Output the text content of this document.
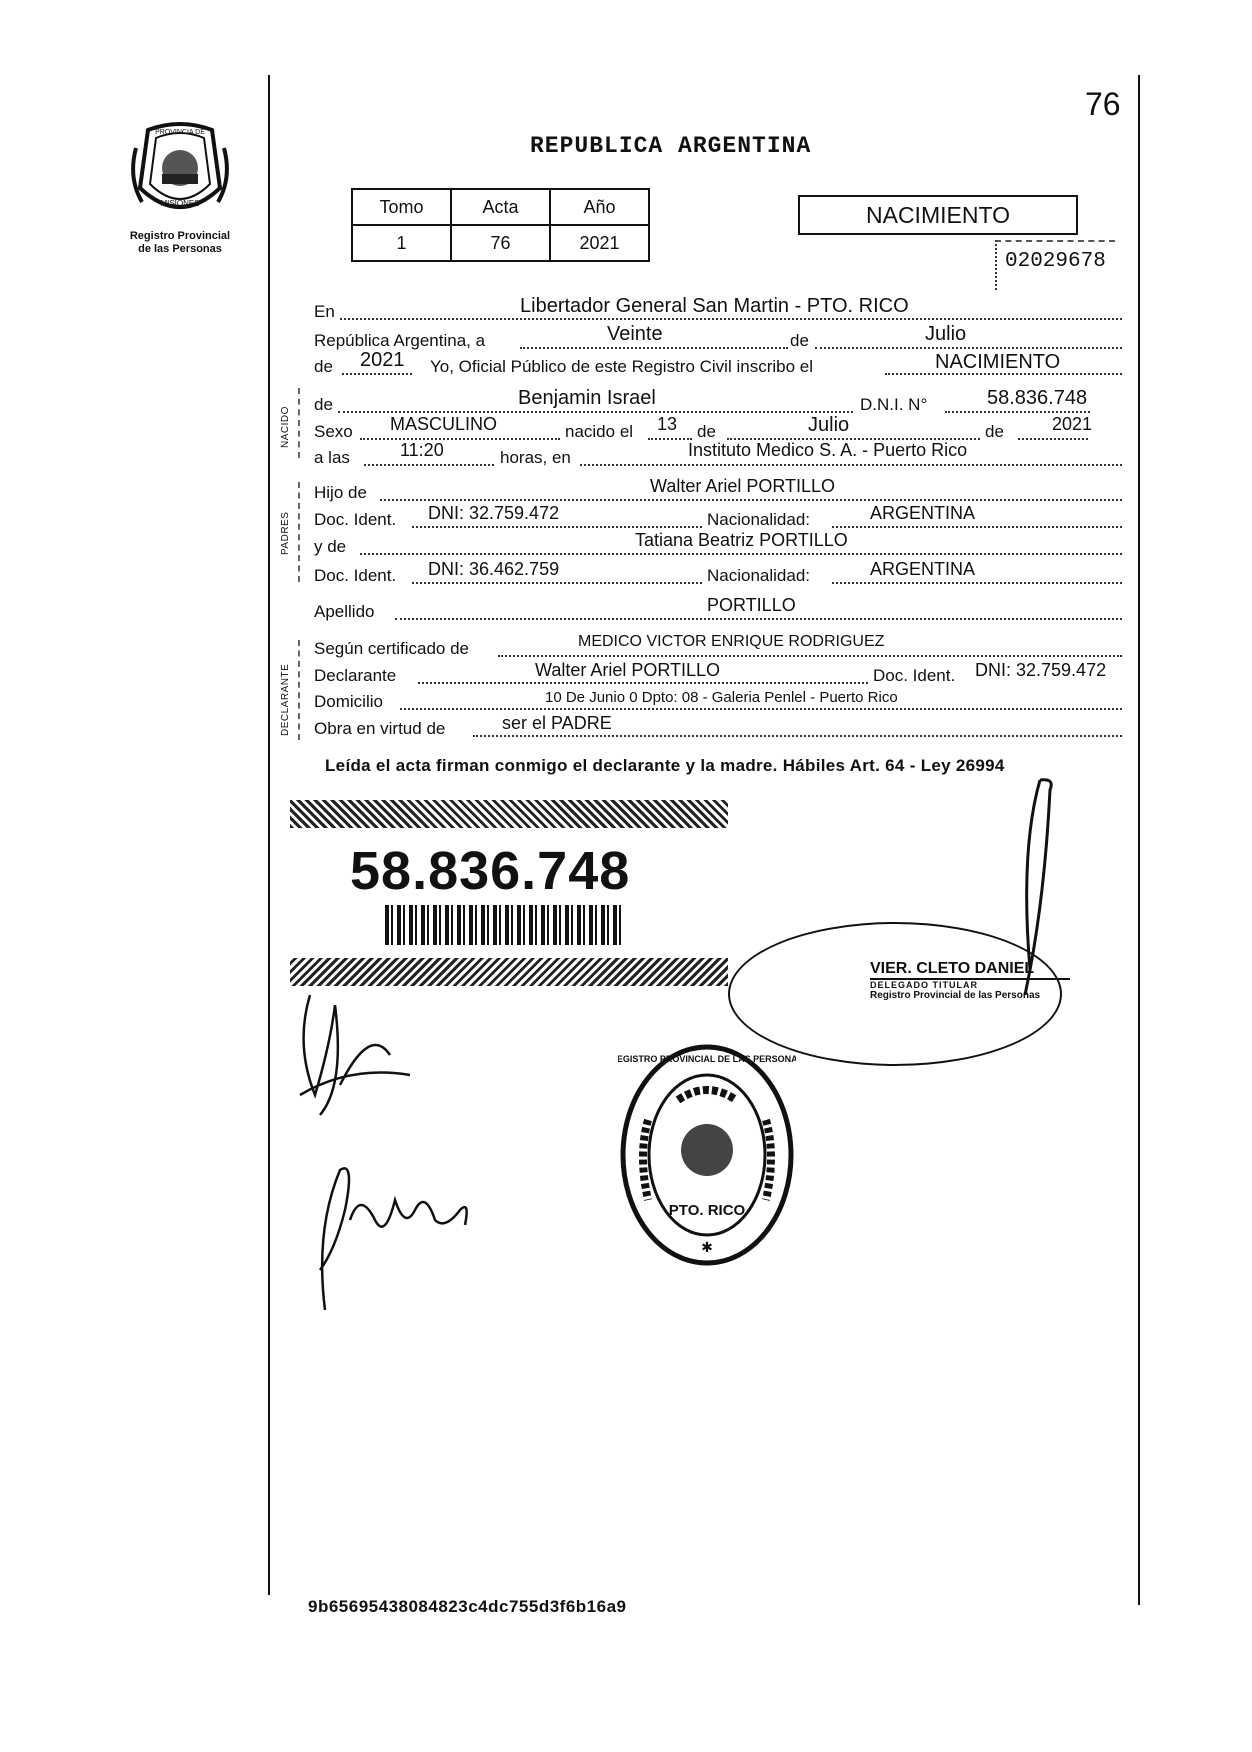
76
PROVINCIA DE
MISIONES
Registro Provincial
de las Personas
REPUBLICA ARGENTINA
Tomo	Acta	Año
1	76	2021
NACIMIENTO
02029678
En	Libertador General San Martin - PTO. RICO
República Argentina, a	Veinte	de	Julio
de 2021 Yo, Oficial Público de este Registro Civil inscribo el	NACIMIENTO
NACIDO
de	Benjamin Israel	D.N.I. N°	58.836.748
Sexo MASCULINO	nacido el 13 de	Julio	de	2021
a las	11:20	horas, en	Instituto Medico S. A. - Puerto Rico
PADRES
Hijo de	Walter Ariel PORTILLO
Doc. Ident. DNI: 32.759.472	Nacionalidad:	ARGENTINA
y de	Tatiana Beatriz PORTILLO
Doc. Ident. DNI: 36.462.759	Nacionalidad:	ARGENTINA
Apellido	PORTILLO
DECLARANTE
Según certificado de	MEDICO VICTOR ENRIQUE RODRIGUEZ
Declarante	Walter Ariel PORTILLO	Doc. Ident. DNI: 32.759.472
Domicilio	10 De Junio 0 Dpto: 08 - Galeria Penlel - Puerto Rico
Obra en virtud de	ser el PADRE
Leída el acta firman conmigo el declarante y la madre. Hábiles Art. 64 - Ley 26994
58.836.748
VIER. CLETO DANIEL
DELEGADO TITULAR
Registro Provincial de las Personas
REGISTRO PROVINCIAL DE LAS PERSONAS
PTO. RICO
✱
9b65695438084823c4dc755d3f6b16a9
